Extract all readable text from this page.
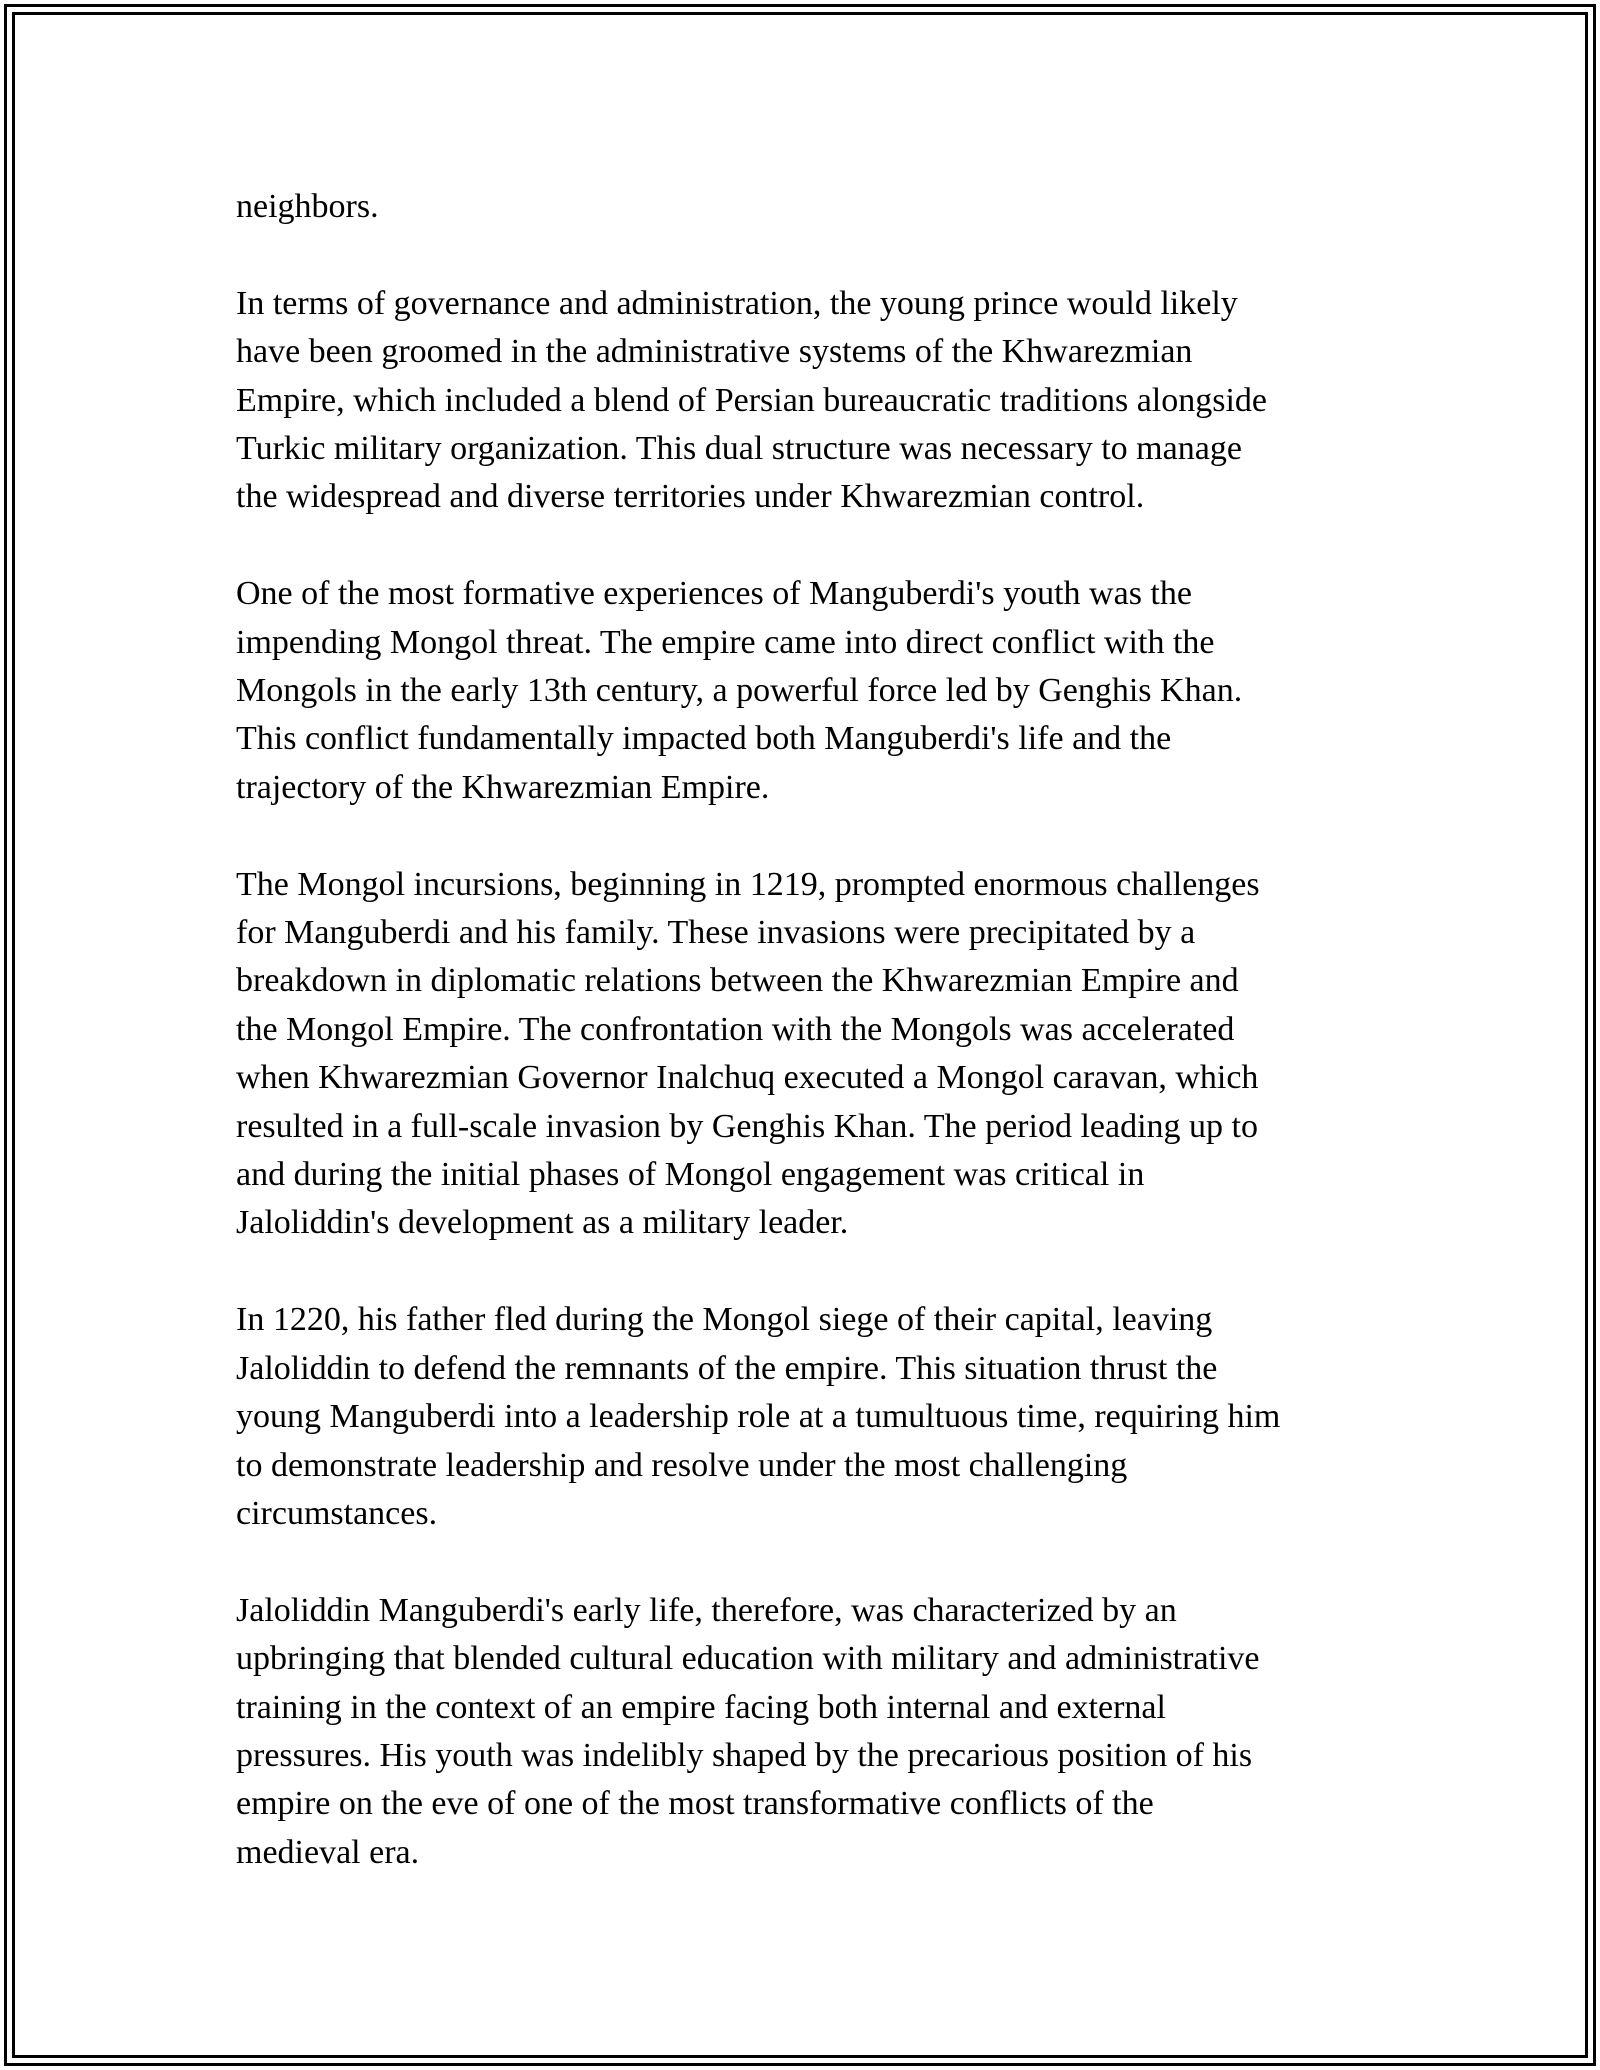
neighbors.

In terms of governance and administration, the young prince would likely
have been groomed in the administrative systems of the Khwarezmian
Empire, which included a blend of Persian bureaucratic traditions alongside
Turkic military organization. This dual structure was necessary to manage
the widespread and diverse territories under Khwarezmian control.

One of the most formative experiences of Manguberdi's youth was the
impending Mongol threat. The empire came into direct conflict with the
Mongols in the early 13th century, a powerful force led by Genghis Khan.
This conflict fundamentally impacted both Manguberdi's life and the
trajectory of the Khwarezmian Empire.

The Mongol incursions, beginning in 1219, prompted enormous challenges
for Manguberdi and his family. These invasions were precipitated by a
breakdown in diplomatic relations between the Khwarezmian Empire and
the Mongol Empire. The confrontation with the Mongols was accelerated
when Khwarezmian Governor Inalchuq executed a Mongol caravan, which
resulted in a full-scale invasion by Genghis Khan. The period leading up to
and during the initial phases of Mongol engagement was critical in
Jaloliddin's development as a military leader.

In 1220, his father fled during the Mongol siege of their capital, leaving
Jaloliddin to defend the remnants of the empire. This situation thrust the
young Manguberdi into a leadership role at a tumultuous time, requiring him
to demonstrate leadership and resolve under the most challenging
circumstances.

Jaloliddin Manguberdi's early life, therefore, was characterized by an
upbringing that blended cultural education with military and administrative
training in the context of an empire facing both internal and external
pressures. His youth was indelibly shaped by the precarious position of his
empire on the eve of one of the most transformative conflicts of the
medieval era.
